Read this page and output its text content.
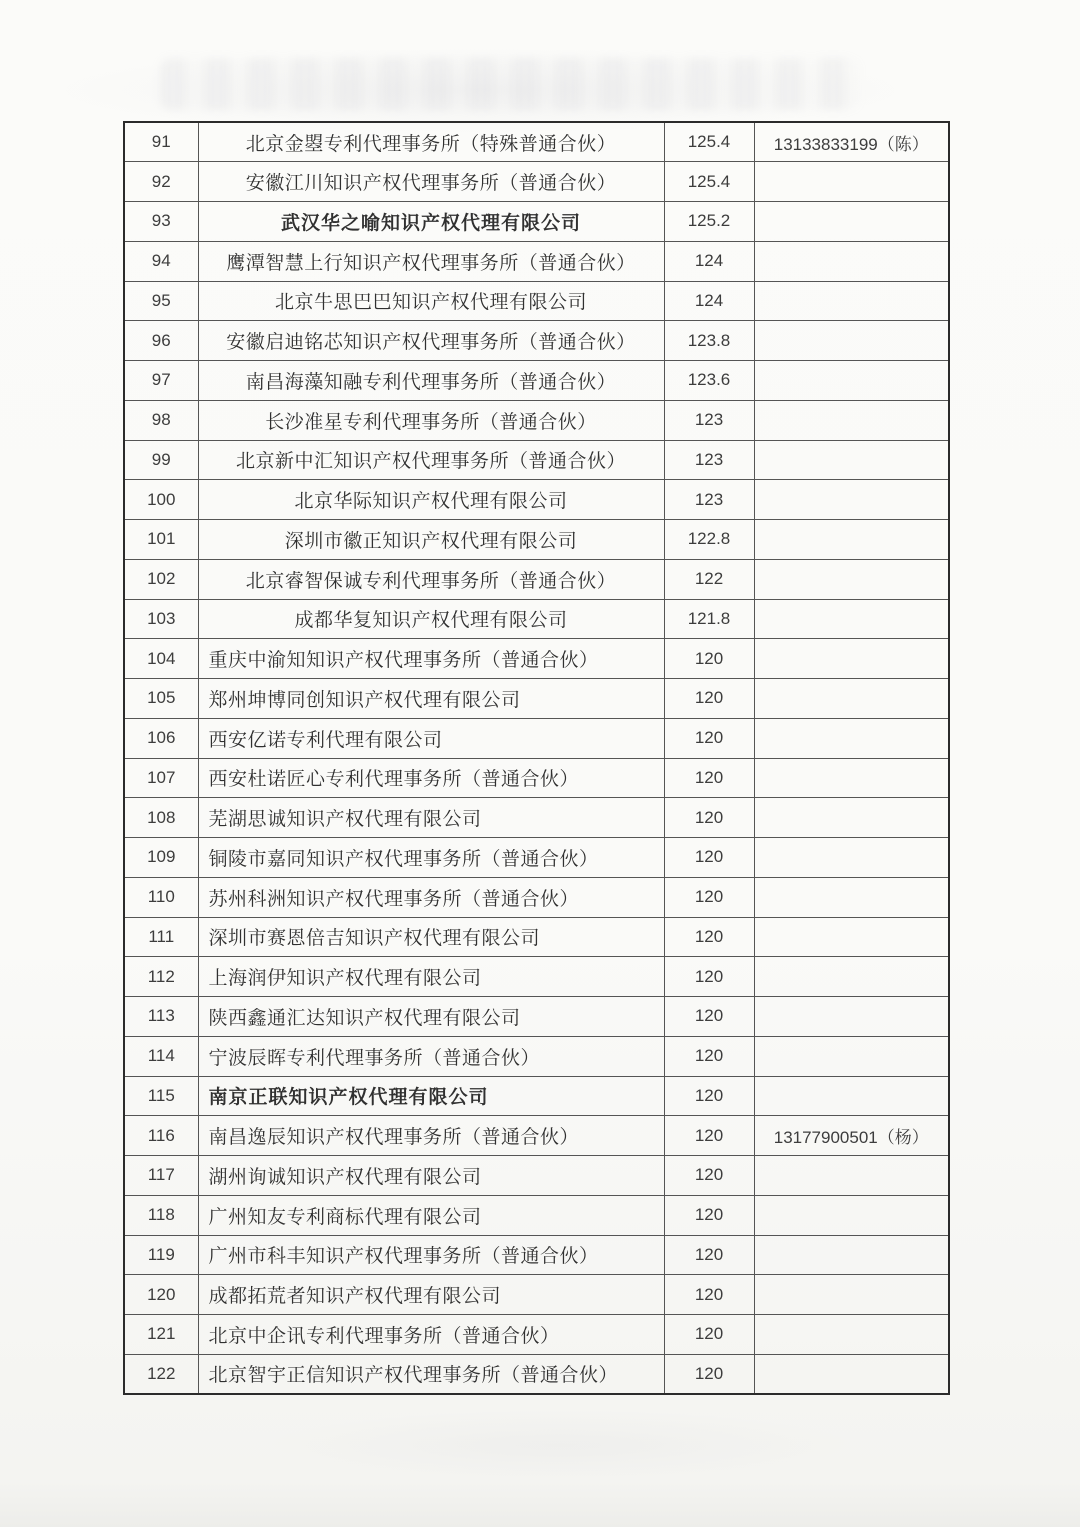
91	北京金曌专利代理事务所（特殊普通合伙）	125.4	13133833199（陈）
92	安徽江川知识产权代理事务所（普通合伙）	125.4	
93	武汉华之喻知识产权代理有限公司	125.2	
94	鹰潭智慧上行知识产权代理事务所（普通合伙）	124	
95	北京牛思巴巴知识产权代理有限公司	124	
96	安徽启迪铭芯知识产权代理事务所（普通合伙）	123.8	
97	南昌海藻知融专利代理事务所（普通合伙）	123.6	
98	长沙准星专利代理事务所（普通合伙）	123	
99	北京新中汇知识产权代理事务所（普通合伙）	123	
100	北京华际知识产权代理有限公司	123	
101	深圳市徽正知识产权代理有限公司	122.8	
102	北京睿智保诚专利代理事务所（普通合伙）	122	
103	成都华复知识产权代理有限公司	121.8	
104	重庆中渝知知识产权代理事务所（普通合伙）	120	
105	郑州坤博同创知识产权代理有限公司	120	
106	西安亿诺专利代理有限公司	120	
107	西安杜诺匠心专利代理事务所（普通合伙）	120	
108	芜湖思诚知识产权代理有限公司	120	
109	铜陵市嘉同知识产权代理事务所（普通合伙）	120	
110	苏州科洲知识产权代理事务所（普通合伙）	120	
111	深圳市赛恩倍吉知识产权代理有限公司	120	
112	上海润伊知识产权代理有限公司	120	
113	陕西鑫通汇达知识产权代理有限公司	120	
114	宁波辰晖专利代理事务所（普通合伙）	120	
115	南京正联知识产权代理有限公司	120	
116	南昌逸辰知识产权代理事务所（普通合伙）	120	13177900501（杨）
117	湖州询诚知识产权代理有限公司	120	
118	广州知友专利商标代理有限公司	120	
119	广州市科丰知识产权代理事务所（普通合伙）	120	
120	成都拓荒者知识产权代理有限公司	120	
121	北京中企讯专利代理事务所（普通合伙）	120	
122	北京智宇正信知识产权代理事务所（普通合伙）	120	
